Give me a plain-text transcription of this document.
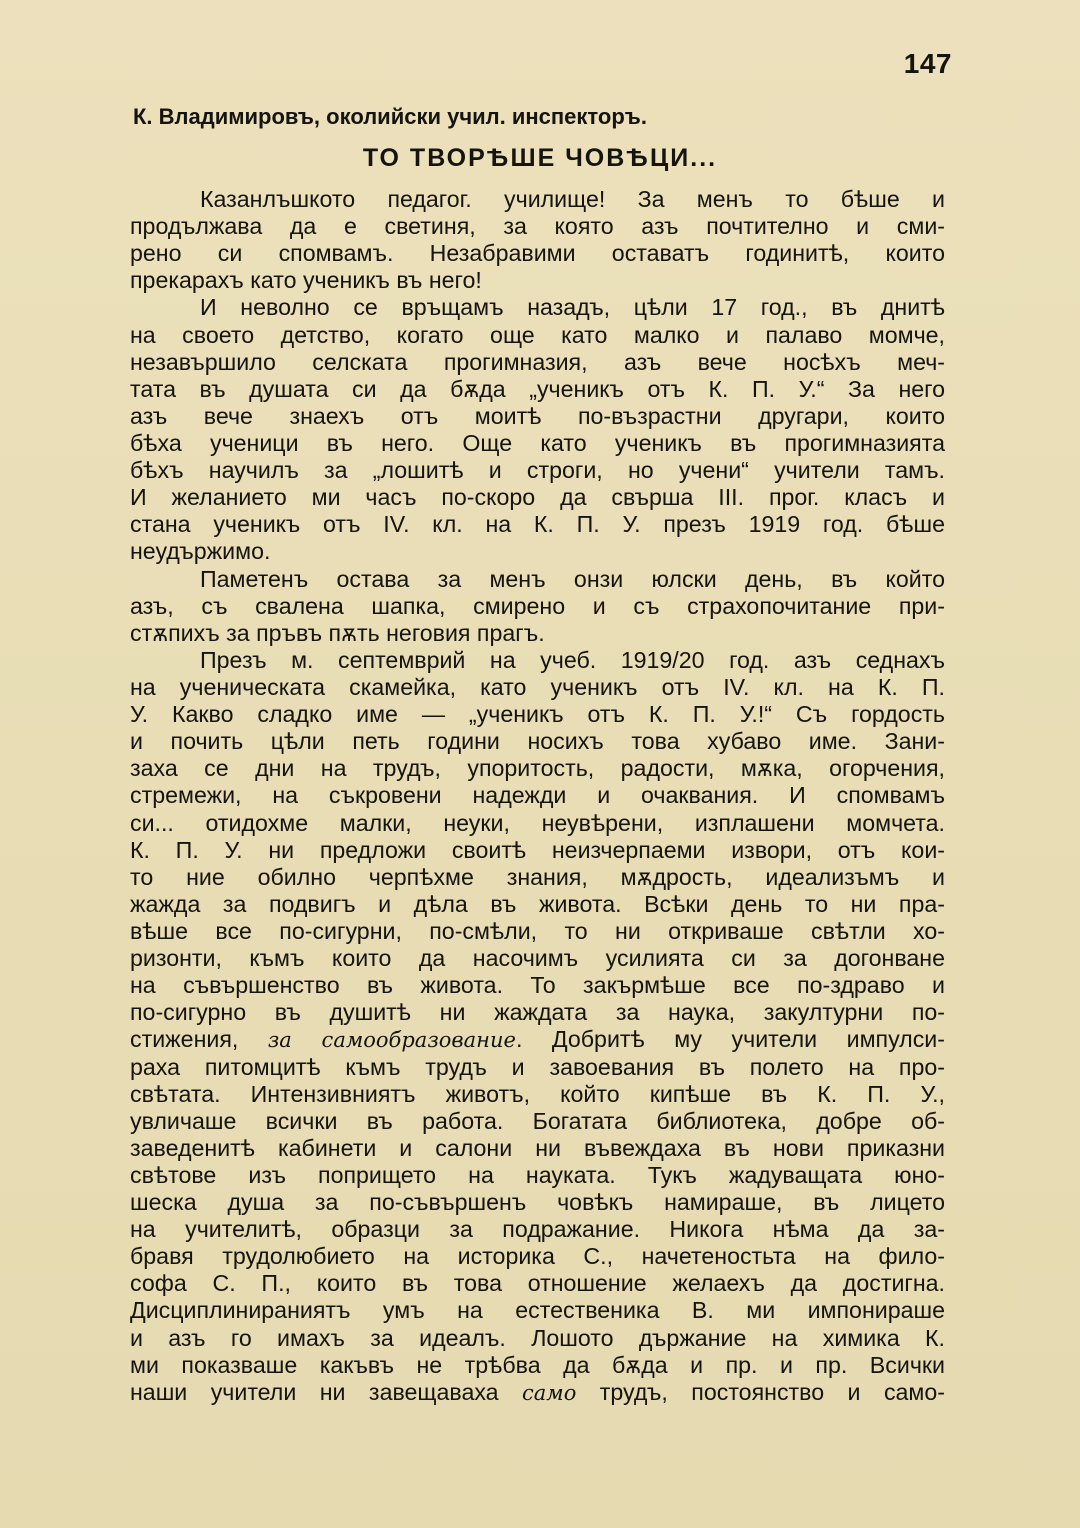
147
К. Владимировъ, околийски учил. инспекторъ.
ТО ТВОРѢШЕ ЧОВѢЦИ...
Казанлъшкото педагог. училище! За менъ то бѣше и
продължава да е светиня, за която азъ почтително и сми-
рено си спомвамъ. Незабравими оставатъ годинитѣ, които
прекарахъ като ученикъ въ него!
И неволно се връщамъ назадъ, цѣли 17 год., въ днитѣ
на своето детство, когато още като малко и палаво момче,
незавършило селската прогимназия, азъ вече носѣхъ меч-
тата въ душата си да бѫда „ученикъ отъ К. П. У.“ За него
азъ вече знаехъ отъ моитѣ по-възрастни другари, които
бѣха ученици въ него. Още като ученикъ въ прогимназията
бѣхъ научилъ за „лошитѣ и строги, но учени“ учители тамъ.
И желанието ми часъ по-скоро да свърша III. прог. класъ и
стана ученикъ отъ IV. кл. на К. П. У. презъ 1919 год. бѣше
неудържимо.
Паметенъ остава за менъ онзи юлски день, въ който
азъ, съ свалена шапка, смирено и съ страхопочитание при-
стѫпихъ за пръвъ пѫть неговия прагъ.
Презъ м. септемврий на учеб. 1919/20 год. азъ седнахъ
на ученическата скамейка, като ученикъ отъ IV. кл. на К. П.
У. Какво сладко име — „ученикъ отъ К. П. У.!“ Съ гордость
и почить цѣли петь години носихъ това хубаво име. Зани-
заха се дни на трудъ, упоритость, радости, мѫка, огорчения,
стремежи, на съкровени надежди и очаквания. И спомвамъ
си... отидохме малки, неуки, неувѣрени, изплашени момчета.
К. П. У. ни предложи своитѣ неизчерпаеми извори, отъ кои-
то ние обилно черпѣхме знания, мѫдрость, идеализъмъ и
жажда за подвигъ и дѣла въ живота. Всѣки день то ни пра-
вѣше все по-сигурни, по-смѣли, то ни откриваше свѣтли хо-
ризонти, къмъ които да насочимъ усилията си за догонване
на съвършенство въ живота. То закърмѣше все по-здраво и
по-сигурно въ душитѣ ни жаждата за наука, закултурни по-
стижения, за самообразование. Добритѣ му учители импулси-
раха питомцитѣ къмъ трудъ и завоевания въ полето на про-
свѣтата. Интензивниятъ животъ, който кипѣше въ К. П. У.,
увличаше всички въ работа. Богатата библиотека, добре об-
заведенитѣ кабинети и салони ни въвеждаха въ нови приказни
свѣтове изъ попрището на науката. Тукъ жадуващата юно-
шеска душа за по-съвършенъ човѣкъ намираше, въ лицето
на учителитѣ, образци за подражание. Никога нѣма да за-
бравя трудолюбието на историка С., начетеностьта на фило-
софа С. П., които въ това отношение желаехъ да достигна.
Дисциплинираниятъ умъ на естественика В. ми импонираше
и азъ го имахъ за идеалъ. Лошото държание на химика К.
ми показваше какъвъ не трѣбва да бѫда и пр. и пр. Всички
наши учители ни завещаваха само трудъ, постоянство и само-
